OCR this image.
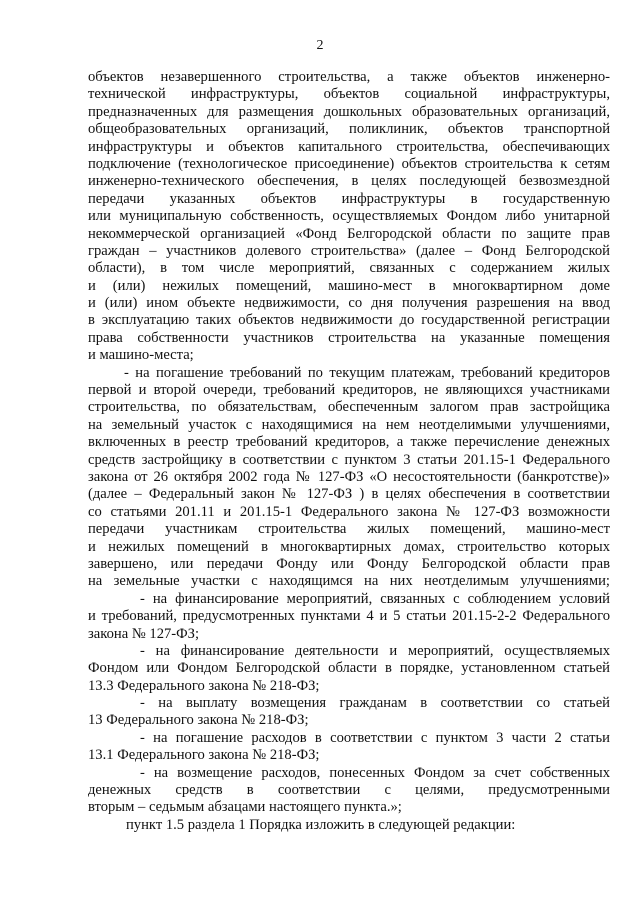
2
объектов незавершенного строительства, а также объектов инженерно-
технической инфраструктуры, объектов социальной инфраструктуры,
предназначенных для размещения дошкольных образовательных организаций,
общеобразовательных организаций, поликлиник, объектов транспортной
инфраструктуры и объектов капитального строительства, обеспечивающих
подключение (технологическое присоединение) объектов строительства к сетям
инженерно-технического обеспечения, в целях последующей безвозмездной
передачи указанных объектов инфраструктуры в государственную
или муниципальную собственность, осуществляемых Фондом либо унитарной
некоммерческой организацией «Фонд Белгородской области по защите прав
граждан – участников долевого строительства» (далее – Фонд Белгородской
области), в том числе мероприятий, связанных с содержанием жилых
и (или) нежилых помещений, машино-мест в многоквартирном доме
и (или) ином объекте недвижимости, со дня получения разрешения на ввод
в эксплуатацию таких объектов недвижимости до государственной регистрации
права собственности участников строительства на указанные помещения
и машино-места;
- на погашение требований по текущим платежам, требований кредиторов
первой и второй очереди, требований кредиторов, не являющихся участниками
строительства, по обязательствам, обеспеченным залогом прав застройщика
на земельный участок с находящимися на нем неотделимыми улучшениями,
включенных в реестр требований кредиторов, а также перечисление денежных
средств застройщику в соответствии с пунктом 3 статьи 201.15-1 Федерального
закона от 26 октября 2002 года № 127-ФЗ «О несостоятельности (банкротстве)»
(далее – Федеральный закон № 127-ФЗ ) в целях обеспечения в соответствии
со статьями 201.11 и 201.15-1 Федерального закона № 127-ФЗ возможности
передачи участникам строительства жилых помещений, машино-мест
и нежилых помещений в многоквартирных домах, строительство которых
завершено, или передачи Фонду или Фонду Белгородской области прав
на земельные участки с находящимся на них неотделимым улучшениями;
- на финансирование мероприятий, связанных с соблюдением условий
и требований, предусмотренных пунктами 4 и 5 статьи 201.15-2-2 Федерального
закона № 127-ФЗ;
- на финансирование деятельности и мероприятий, осуществляемых
Фондом или Фондом Белгородской области в порядке, установленном статьей
13.3 Федерального закона № 218-ФЗ;
- на выплату возмещения гражданам в соответствии со статьей
13 Федерального закона № 218-ФЗ;
- на погашение расходов в соответствии с пунктом 3 части 2 статьи
13.1 Федерального закона № 218-ФЗ;
- на возмещение расходов, понесенных Фондом за счет собственных
денежных средств в соответствии с целями, предусмотренными
вторым – седьмым абзацами настоящего пункта.»;
пункт 1.5 раздела 1 Порядка изложить в следующей редакции:
